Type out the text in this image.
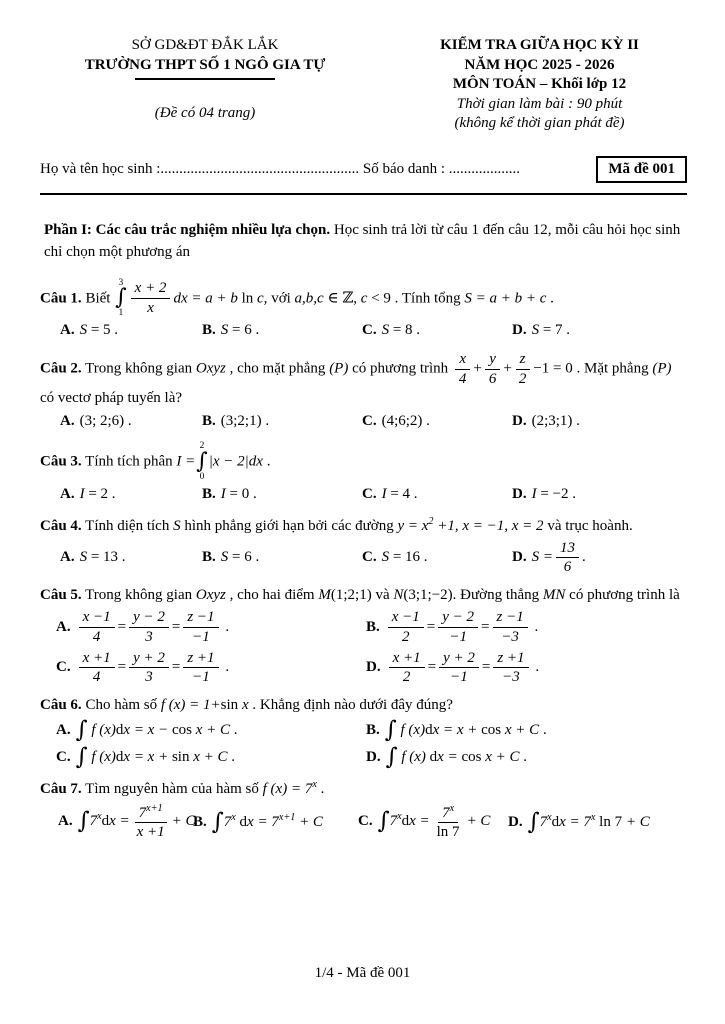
SỞ GD&ĐT ĐẮK LẮK
TRƯỜNG THPT SỐ 1 NGÔ GIA TỰ
(Đề có 04 trang)
KIỂM TRA GIỮA HỌC KỲ II
NĂM HỌC 2025 - 2026
MÔN TOÁN – Khối lớp 12
Thời gian làm bài : 90 phút
(không kể thời gian phát đề)
Họ và tên học sinh :..................................................... Số báo danh : ...................	Mã đề 001

Phần I: Các câu trắc nghiệm nhiều lựa chọn. Học sinh trả lời từ câu 1 đến câu 12, mỗi câu hỏi học sinh chỉ chọn một phương án

Câu 1. Biết
3
∫
$1 \frac{x + 2}{x}$ dx = a + b ln c, với a,b,c ∈ ℤ, c < 9 . Tính tổng S = a + b + c .

A. S = 5 .	B. S = 6 .	C. S = 8 .	D. S = 7 .

Câu 2. Trong không gian Oxyz , cho mặt phẳng (P) có phương trình $\frac{x}{4} + \frac{y}{6} + \frac{z}{2} -1 = 0$ . Mặt phẳng (P) có vectơ pháp tuyến là?

A. (3; 2;6) .	B. (3;2;1) .	C. (4;6;2) .	D. (2;3;1) .

Câu 3. Tính tích phân I =
2
∫
0
|x − 2|dx .

A. I = 2 .	B. I = 0 .	C. I = 4 .	D. I = −2 .

Câu 4. Tính diện tích S hình phẳng giới hạn bởi các đường $y = x^2 +1$, x = −1, x = 2 và trục hoành.

A. S = 13 .	B. S = 6 .	C. S = 16 .	D. $S = \frac{13}{6}$ .

Câu 5. Trong không gian Oxyz , cho hai điểm M(1;2;1) và N(3;1;−2). Đường thẳng MN có phương trình là

A. $\frac{x -1}{4} = \frac{y - 2}{3} = \frac{z -1}{-1}$ .	B. $\frac{x -1}{2} = \frac{y - 2}{-1} = \frac{z -1}{-3}$ .
C. $\frac{x +1}{4} = \frac{y + 2}{3} = \frac{z +1}{-1}$ .	D. $\frac{x +1}{2} = \frac{y + 2}{-1} = \frac{z +1}{-3}$ .

Câu 6. Cho hàm số f (x) = 1+sin x . Khẳng định nào dưới đây đúng?

A. ∫ f (x)dx = x − cos x + C .	B. ∫ f (x)dx = x + cos x + C .
C. ∫ f (x)dx = x + sin x + C .	D. ∫ f (x) dx = cos x + C .

Câu 7. Tìm nguyên hàm của hàm số f $(x) = 7^x$ .

A. $\int 7^xdx = \frac{7^{x+1}}{x +1} + C$
B. ∫7$^x$ dx = $7^{x+1} + C$	C. $\int 7^xdx = \frac{7^x}{\ln 7} + C$	D. $\int 7^xdx = 7^x$ ln 7 + C
1/4 - Mã đề 001
